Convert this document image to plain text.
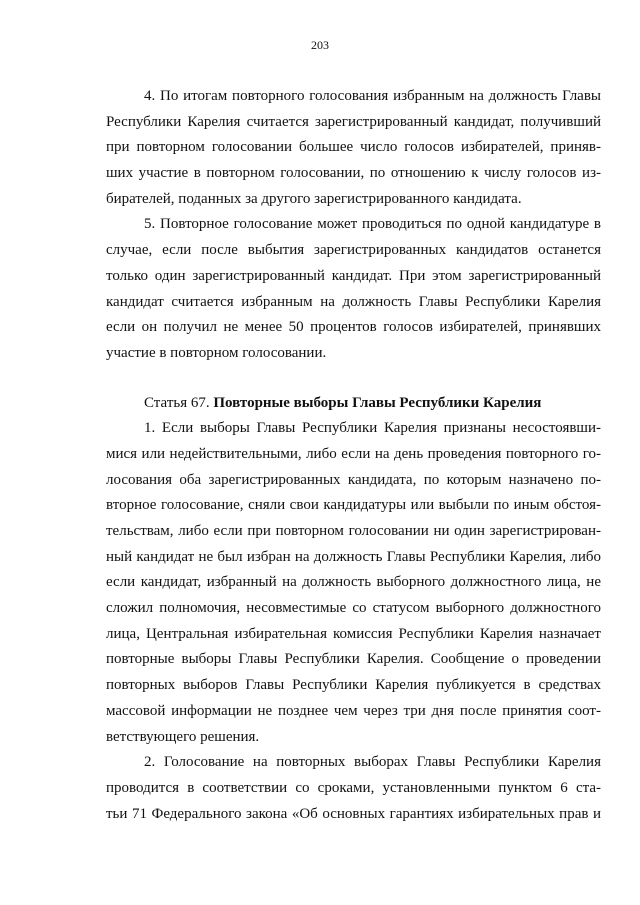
203
4. По итогам повторного голосования избранным на должность Главы
Республики Карелия считается зарегистрированный кандидат, получивший
при повторном голосовании большее число голосов избирателей, приняв-
ших участие в повторном голосовании, по отношению к числу голосов из-
бирателей, поданных за другого зарегистрированного кандидата.
5. Повторное голосование может проводиться по одной кандидатуре в
случае, если после выбытия зарегистрированных кандидатов останется
только один зарегистрированный кандидат. При этом зарегистрированный
кандидат считается избранным на должность Главы Республики Карелия
если он получил не менее 50 процентов голосов избирателей, принявших
участие в повторном голосовании.
Статья 67. Повторные выборы Главы Республики Карелия
1. Если выборы Главы Республики Карелия признаны несостоявши-
мися или недействительными, либо если на день проведения повторного го-
лосования оба зарегистрированных кандидата, по которым назначено по-
вторное голосование, сняли свои кандидатуры или выбыли по иным обстоя-
тельствам, либо если при повторном голосовании ни один зарегистрирован-
ный кандидат не был избран на должность Главы Республики Карелия, либо
если кандидат, избранный на должность выборного должностного лица, не
сложил полномочия, несовместимые со статусом выборного должностного
лица, Центральная избирательная комиссия Республики Карелия назначает
повторные выборы Главы Республики Карелия. Сообщение о проведении
повторных выборов Главы Республики Карелия публикуется в средствах
массовой информации не позднее чем через три дня после принятия соот-
ветствующего решения.
2. Голосование на повторных выборах Главы Республики Карелия
проводится в соответствии со сроками, установленными пунктом 6 ста-
тьи 71 Федерального закона «Об основных гарантиях избирательных прав и
